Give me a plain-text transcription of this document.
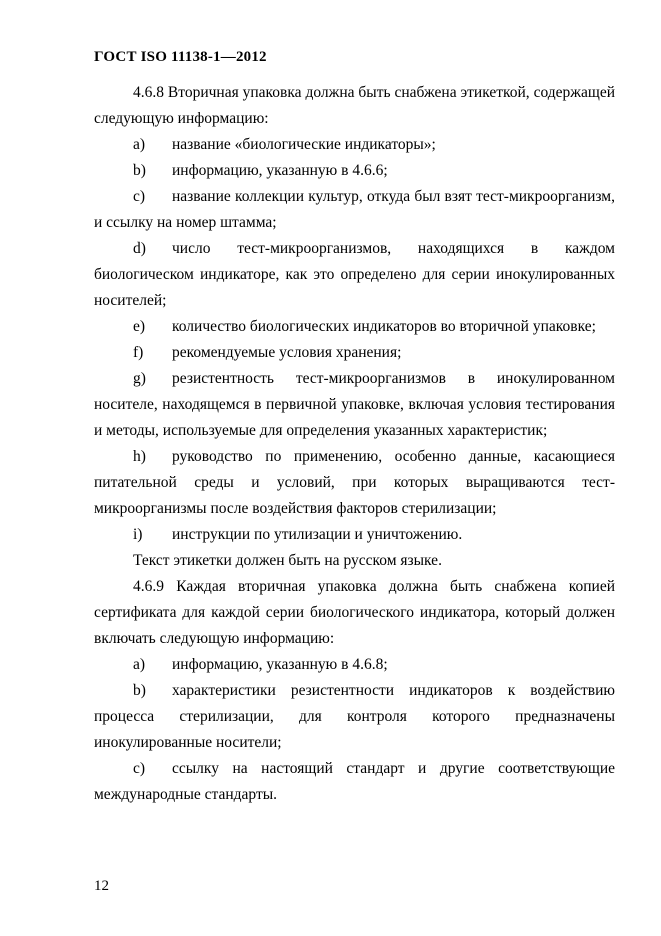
ГОСТ ISO 11138-1—2012

4.6.8 Вторичная упаковка должна быть снабжена этикеткой, содержащей следующую информацию:

a) название «биологические индикаторы»;

b) информацию, указанную в 4.6.6;

c) название коллекции культур, откуда был взят тест-микроорганизм, и ссылку на номер штамма;

d) число тест-микроорганизмов, находящихся в каждом биологическом индикаторе, как это определено для серии инокулированных носителей;

e) количество биологических индикаторов во вторичной упаковке;

f) рекомендуемые условия хранения;

g) резистентность тест-микроорганизмов в инокулированном носителе, находящемся в первичной упаковке, включая условия тестирования и методы, используемые для определения указанных характеристик;

h) руководство по применению, особенно данные, касающиеся питательной среды и условий, при которых выращиваются тест-микроорганизмы после воздействия факторов стерилизации;

i) инструкции по утилизации и уничтожению.

Текст этикетки должен быть на русском языке.

4.6.9 Каждая вторичная упаковка должна быть снабжена копией сертификата для каждой серии биологического индикатора, который должен включать следующую информацию:

a) информацию, указанную в 4.6.8;

b) характеристики резистентности индикаторов к воздействию процесса стерилизации, для контроля которого предназначены инокулированные носители;

c) ссылку на настоящий стандарт и другие соответствующие международные стандарты.

12
